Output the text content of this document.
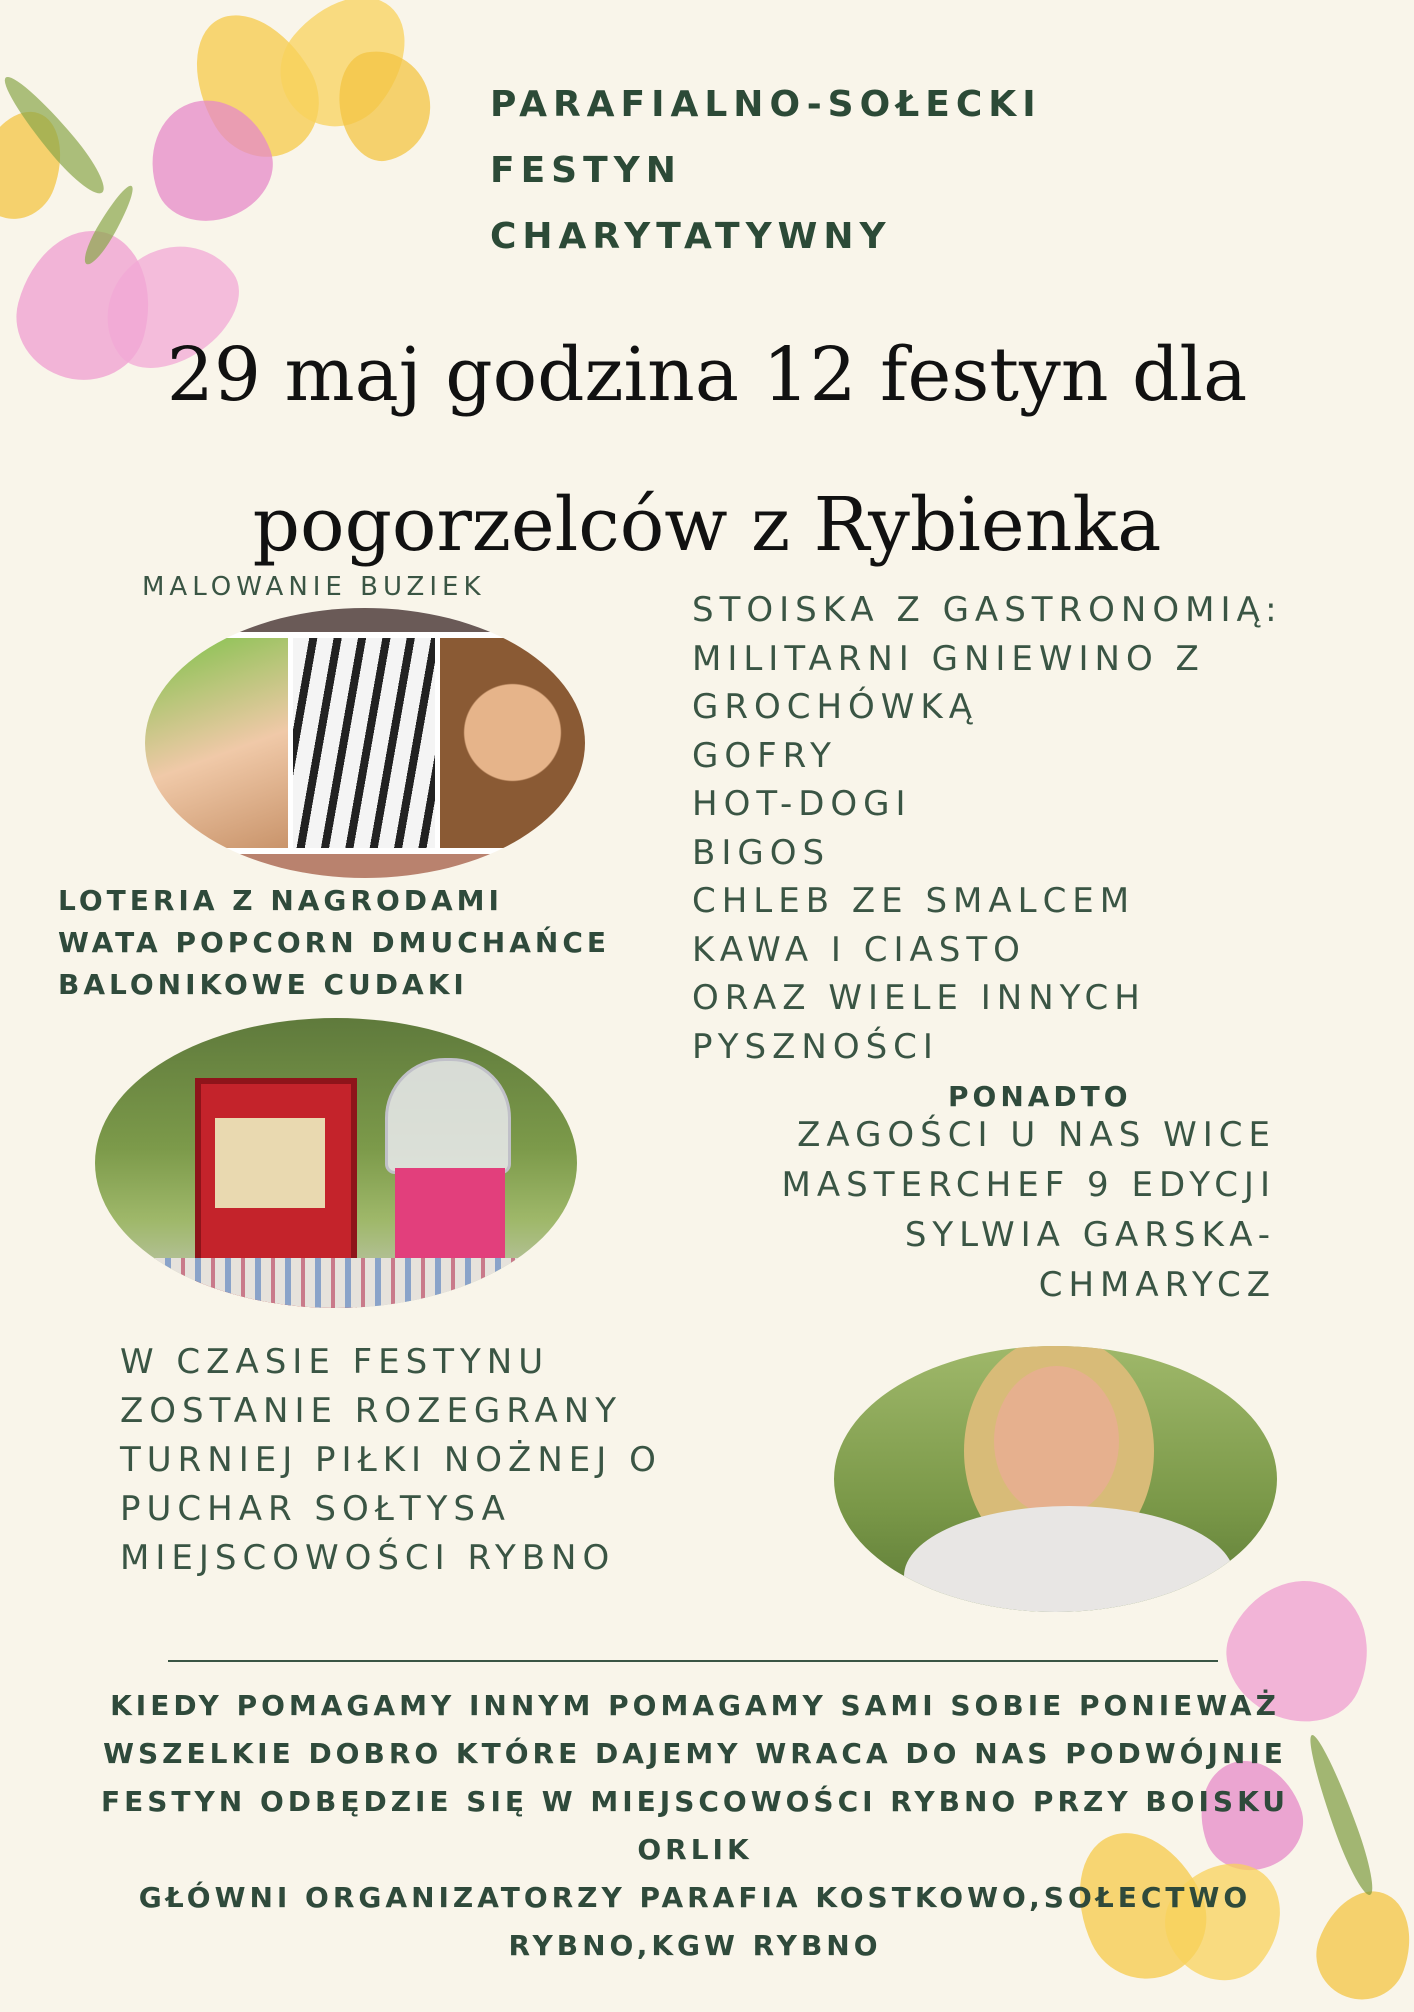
PARAFIALNO-SOŁECKI
FESTYN
CHARYTATYWNY
29 maj godzina 12 festyn dla
pogorzelców z Rybienka
MALOWANIE BUZIEK
LOTERIA Z NAGRODAMI
WATA POPCORN DMUCHAŃCE
BALONIKOWE CUDAKI
STOISKA Z GASTRONOMIĄ:
MILITARNI GNIEWINO Z
GROCHÓWKĄ
GOFRY
HOT-DOGI
BIGOS
CHLEB ZE SMALCEM
KAWA I CIASTO
ORAZ WIELE INNYCH
PYSZNOŚCI
PONADTO
ZAGOŚCI U NAS WICE
MASTERCHEF 9 EDYCJI
SYLWIA GARSKA-
CHMARYCZ
W CZASIE FESTYNU
ZOSTANIE ROZEGRANY
TURNIEJ PIŁKI NOŻNEJ O
PUCHAR SOŁTYSA
MIEJSCOWOŚCI RYBNO
KIEDY POMAGAMY INNYM POMAGAMY SAMI SOBIE PONIEWAŻ
WSZELKIE DOBRO KTÓRE DAJEMY WRACA DO NAS PODWÓJNIE
FESTYN ODBĘDZIE SIĘ W MIEJSCOWOŚCI RYBNO PRZY BOISKU
ORLIK
GŁÓWNI ORGANIZATORZY PARAFIA KOSTKOWO,SOŁECTWO
RYBNO,KGW RYBNO
